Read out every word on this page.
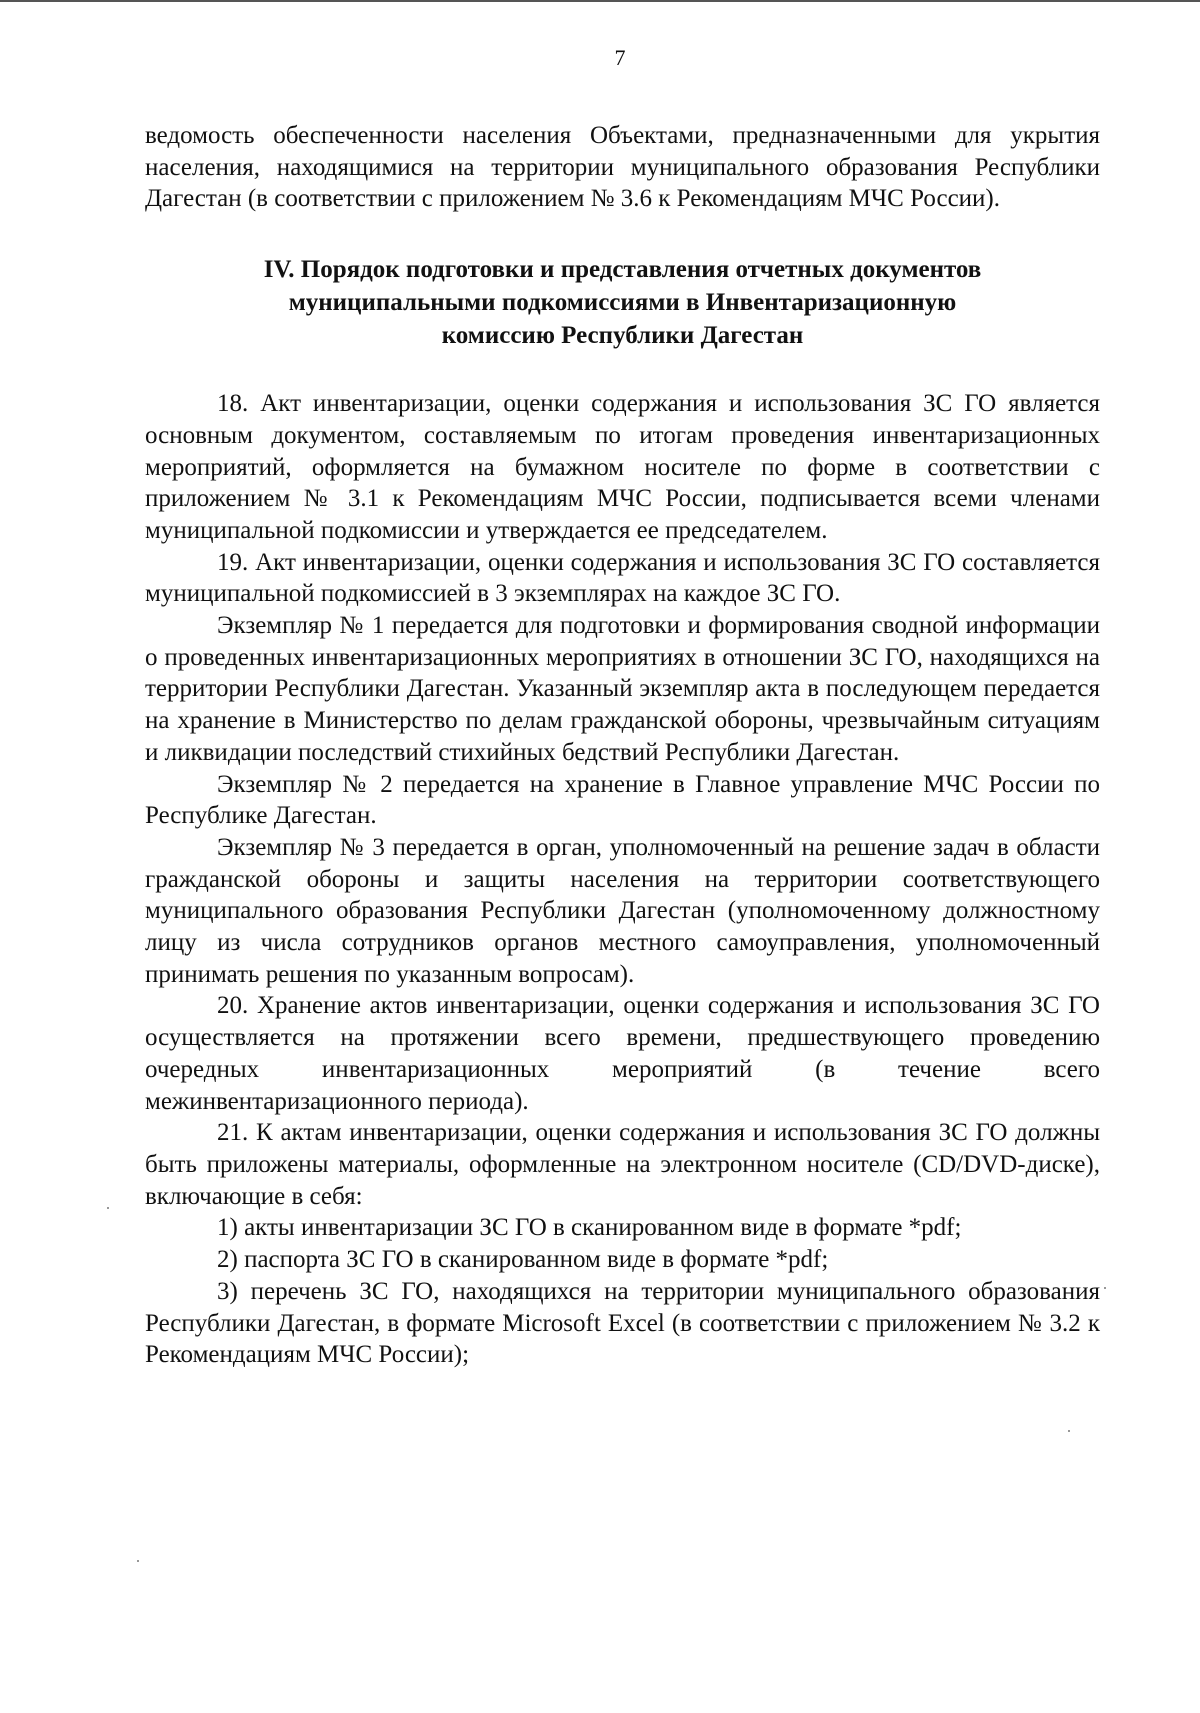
7

ведомость обеспеченности населения Объектами, предназначенными для укрытия населения, находящимися на территории муниципального образования Республики Дагестан (в соответствии с приложением № 3.6 к Рекомендациям МЧС России).

IV. Порядок подготовки и представления отчетных документов
муниципальными подкомиссиями в Инвентаризационную
комиссию Республики Дагестан

18. Акт инвентаризации, оценки содержания и использования ЗС ГО является основным документом, составляемым по итогам проведения инвентаризационных мероприятий, оформляется на бумажном носителе по форме в соответствии с приложением № 3.1 к Рекомендациям МЧС России, подписывается всеми членами муниципальной подкомиссии и утверждается ее председателем.

19. Акт инвентаризации, оценки содержания и использования ЗС ГО составляется муниципальной подкомиссией в 3 экземплярах на каждое ЗС ГО.

Экземпляр № 1 передается для подготовки и формирования сводной информации о проведенных инвентаризационных мероприятиях в отношении ЗС ГО, находящихся на территории Республики Дагестан. Указанный экземпляр акта в последующем передается на хранение в Министерство по делам гражданской обороны, чрезвычайным ситуациям и ликвидации последствий стихийных бедствий Республики Дагестан.

Экземпляр № 2 передается на хранение в Главное управление МЧС России по Республике Дагестан.

Экземпляр № 3 передается в орган, уполномоченный на решение задач в области гражданской обороны и защиты населения на территории соответствующего муниципального образования Республики Дагестан (уполномоченному должностному лицу из числа сотрудников органов местного самоуправления, уполномоченный принимать решения по указанным вопросам).

20. Хранение актов инвентаризации, оценки содержания и использования ЗС ГО осуществляется на протяжении всего времени, предшествующего проведению очередных инвентаризационных мероприятий (в течение всего межинвентаризационного периода).

21. К актам инвентаризации, оценки содержания и использования ЗС ГО должны быть приложены материалы, оформленные на электронном носителе (CD/DVD-диске), включающие в себя:

1) акты инвентаризации ЗС ГО в сканированном виде в формате *pdf;

2) паспорта ЗС ГО в сканированном виде в формате *pdf;

3) перечень ЗС ГО, находящихся на территории муниципального образования Республики Дагестан, в формате Microsoft Excel (в соответствии с приложением № 3.2 к Рекомендациям МЧС России);
